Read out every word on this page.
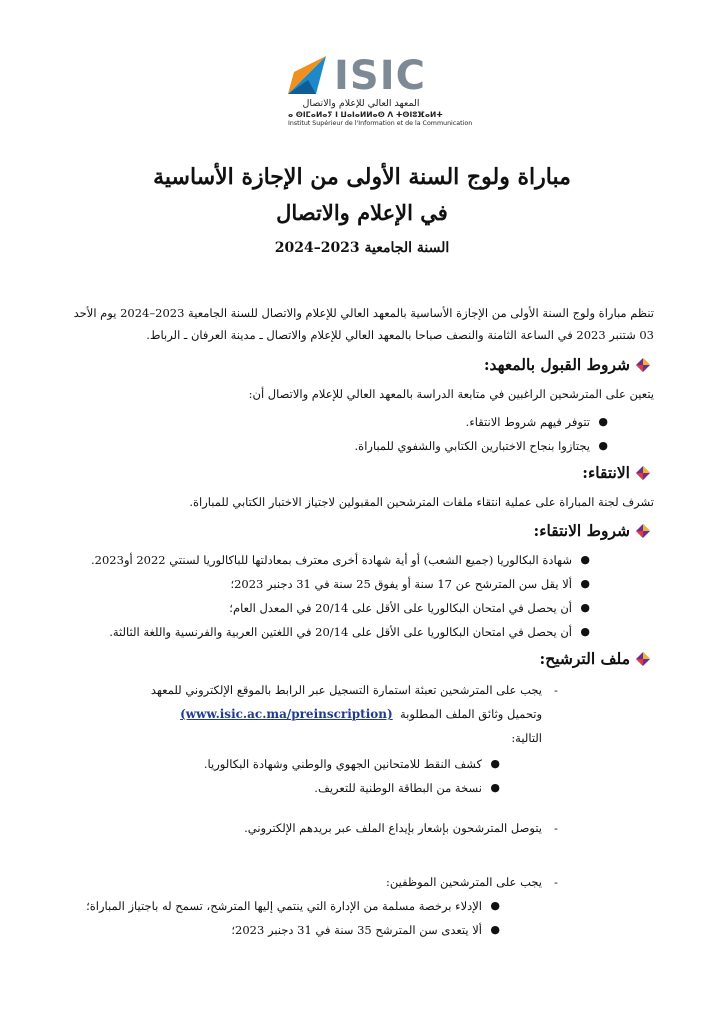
ISIC
المعهد العالي للإعلام والاتصال
ⴰ ⵙⵏⵎⴰⵍⴰⵢ ⵏ ⵡⴰⵏⴰⵍⵍⴰⵙ ⴷ ⵜⵙⵏⵓⴼⴰⵍⵜ
Institut Supérieur de l'Information et de la Communication
مباراة ولوج السنة الأولى من الإجازة الأساسية
في الإعلام والاتصال
السنة الجامعية 2023–2024
تنظم مباراة ولوج السنة الأولى من الإجازة الأساسية بالمعهد العالي للإعلام والاتصال للسنة الجامعية 2023–2024 يوم الأحد 03 شتنبر 2023 في الساعة الثامنة والنصف صباحا بالمعهد العالي للإعلام والاتصال ـ مدينة العرفان ـ الرباط.
شروط القبول بالمعهد:
يتعين على المترشحين الراغبين في متابعة الدراسة بالمعهد العالي للإعلام والاتصال أن:
●
تتوفر فيهم شروط الانتقاء.
●
يجتازوا بنجاح الاختبارين الكتابي والشفوي للمباراة.
الانتقاء:
تشرف لجنة المباراة على عملية انتقاء ملفات المترشحين المقبولين لاجتياز الاختبار الكتابي للمباراة.
شروط الانتقاء:
●
شهادة البكالوريا (جميع الشعب) أو أية شهادة أخرى معترف بمعادلتها للباكالوريا لسنتي 2022 أو2023.
●
ألا يقل سن المترشح عن 17 سنة أو يفوق 25 سنة في 31 دجنبر 2023؛
●
أن يحصل في امتحان البكالوريا على الأقل على 20/14 في المعدل العام؛
●
أن يحصل في امتحان البكالوريا على الأقل على 20/14 في اللغتين العربية والفرنسية واللغة الثالثة.
ملف الترشيح:
-يجب على المترشحين تعبئة استمارة التسجيل عبر الرابط بالموقع الإلكتروني للمعهد
وتحميل وثائق الملف المطلوبة  (www.isic.ac.ma/preinscription)
التالية:
●
كشف النقط للامتحانين الجهوي والوطني وشهادة البكالوريا.
●
نسخة من البطاقة الوطنية للتعريف.
-يتوصل المترشحون بإشعار بإيداع الملف عبر بريدهم الإلكتروني.
-يجب على المترشحين الموظفين:
●
الإدلاء برخصة مسلمة من الإدارة التي ينتمي إليها المترشح، تسمح له باجتياز المباراة؛
●
ألا يتعدى سن المترشح 35 سنة في 31 دجنبر 2023؛
